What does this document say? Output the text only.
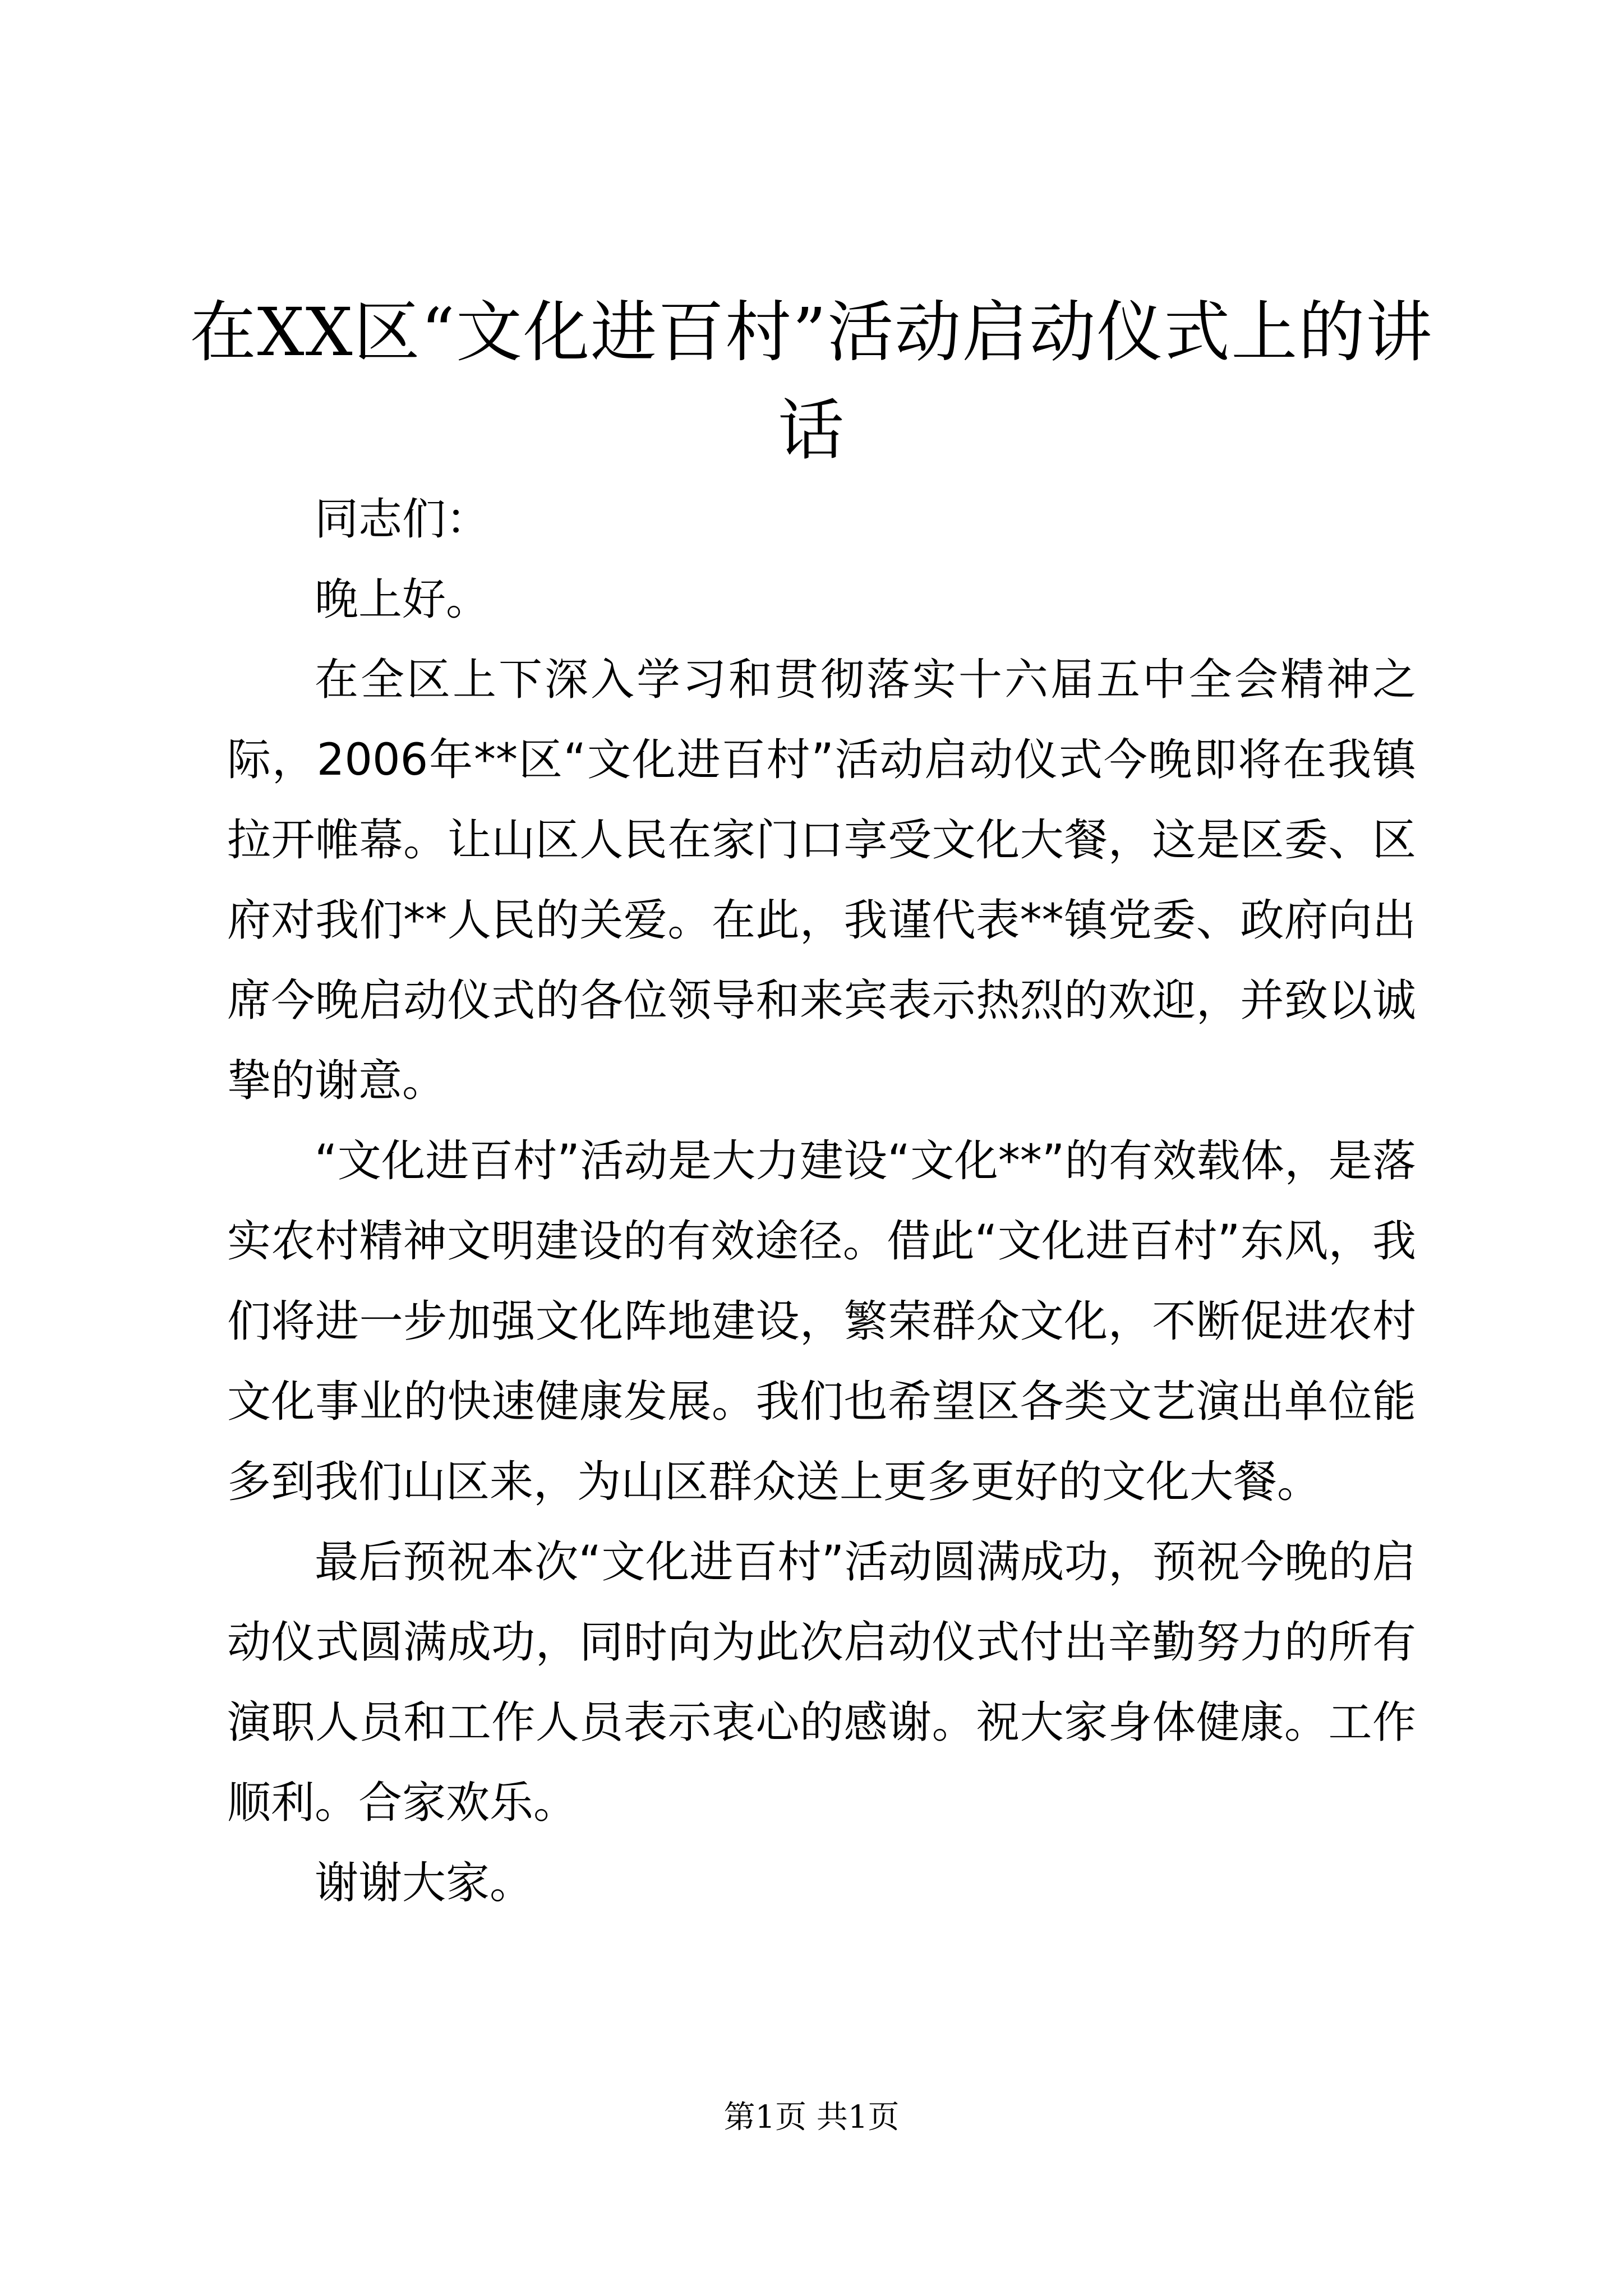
在XX区“文化进百村”活动启动仪式上的讲话

同志们：

晚上好。

在全区上下深入学习和贯彻落实十六届五中全会精神之际，2006年**区“文化进百村”活动启动仪式今晚即将在我镇拉开帷幕。让山区人民在家门口享受文化大餐，这是区委、区府对我们**人民的关爱。在此，我谨代表**镇党委、政府向出席今晚启动仪式的各位领导和来宾表示热烈的欢迎，并致以诚挚的谢意。

“文化进百村”活动是大力建设“文化**”的有效载体，是落实农村精神文明建设的有效途径。借此“文化进百村”东风，我们将进一步加强文化阵地建设，繁荣群众文化，不断促进农村文化事业的快速健康发展。我们也希望区各类文艺演出单位能多到我们山区来，为山区群众送上更多更好的文化大餐。

最后预祝本次“文化进百村”活动圆满成功，预祝今晚的启动仪式圆满成功，同时向为此次启动仪式付出辛勤努力的所有演职人员和工作人员表示衷心的感谢。祝大家身体健康。工作顺利。合家欢乐。

谢谢大家。

第1页 共1页
